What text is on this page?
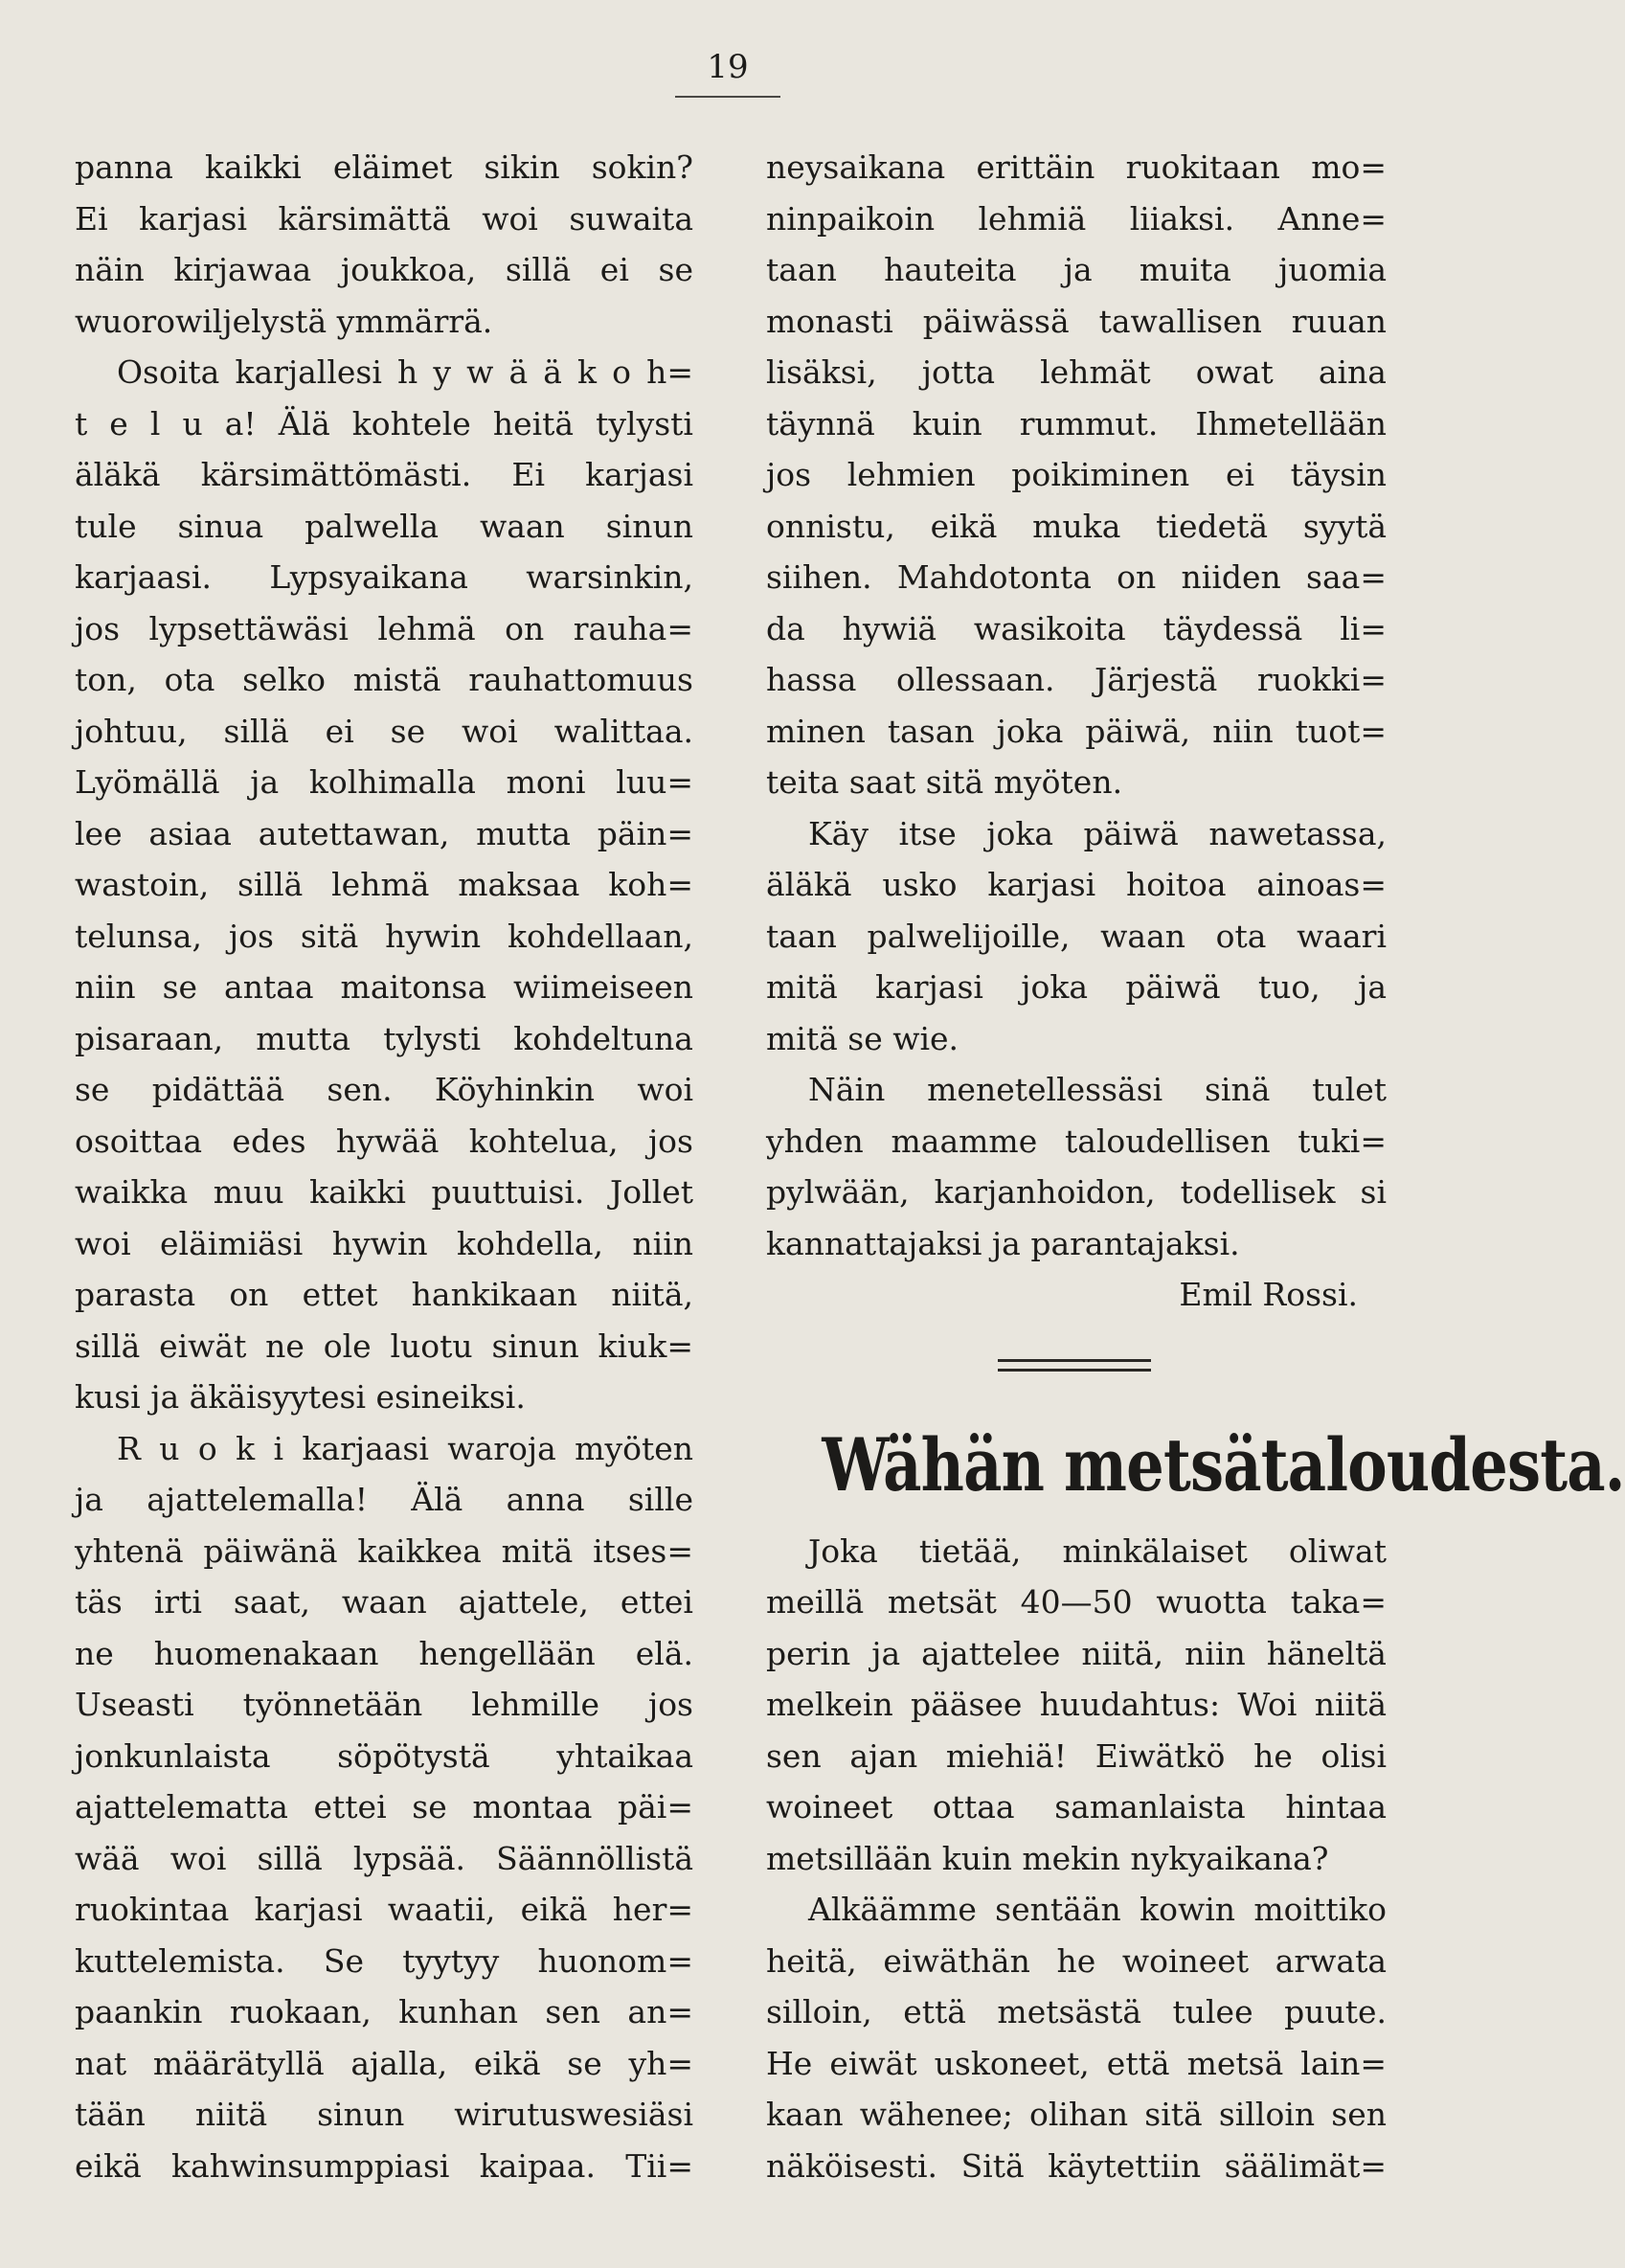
19
panna kaikki eläimet sikin sokin?
Ei karjasi kärsimättä woi suwaita
näin kirjawaa joukkoa, sillä ei se
wuorowiljelystä ymmärrä.
Osoita karjallesi h y w ä ä k o h=
t e l u a! Älä kohtele heitä tylysti
äläkä kärsimättömästi. Ei karjasi
tule sinua palwella waan sinun
karjaasi. Lypsyaikana warsinkin,
jos lypsettäwäsi lehmä on rauha=
ton, ota selko mistä rauhattomuus
johtuu, sillä ei se woi walittaa.
Lyömällä ja kolhimalla moni luu=
lee asiaa autettawan, mutta päin=
wastoin, sillä lehmä maksaa koh=
telunsa, jos sitä hywin kohdellaan,
niin se antaa maitonsa wiimeiseen
pisaraan, mutta tylysti kohdeltuna
se pidättää sen. Köyhinkin woi
osoittaa edes hywää kohtelua, jos
waikka muu kaikki puuttuisi. Jollet
woi eläimiäsi hywin kohdella, niin
parasta on ettet hankikaan niitä,
sillä eiwät ne ole luotu sinun kiuk=
kusi ja äkäisyytesi esineiksi.
R u o k i karjaasi waroja myöten
ja ajattelemalla! Älä anna sille
yhtenä päiwänä kaikkea mitä itses=
täs irti saat, waan ajattele, ettei
ne huomenakaan hengellään elä.
Useasti työnnetään lehmille jos
jonkunlaista söpötystä yhtaikaa
ajattelematta ettei se montaa päi=
wää woi sillä lypsää. Säännöllistä
ruokintaa karjasi waatii, eikä her=
kuttelemista. Se tyytyy huonom=
paankin ruokaan, kunhan sen an=
nat määrätyllä ajalla, eikä se yh=
tään niitä sinun wirutuswesiäsi
eikä kahwinsumppiasi kaipaa. Tii=
neysaikana erittäin ruokitaan mo=
ninpaikoin lehmiä liiaksi. Anne=
taan hauteita ja muita juomia
monasti päiwässä tawallisen ruuan
lisäksi, jotta lehmät owat aina
täynnä kuin rummut. Ihmetellään
jos lehmien poikiminen ei täysin
onnistu, eikä muka tiedetä syytä
siihen. Mahdotonta on niiden saa=
da hywiä wasikoita täydessä li=
hassa ollessaan. Järjestä ruokki=
minen tasan joka päiwä, niin tuot=
teita saat sitä myöten.
Käy itse joka päiwä nawetassa,
äläkä usko karjasi hoitoa ainoas=
taan palwelijoille, waan ota waari
mitä karjasi joka päiwä tuo, ja
mitä se wie.
Näin menetellessäsi sinä tulet
yhden maamme taloudellisen tuki=
pylwään, karjanhoidon, todellisek si
kannattajaksi ja parantajaksi.
Emil Rossi.
Wähän metsätaloudesta.
Joka tietää, minkälaiset oliwat
meillä metsät 40—50 wuotta taka=
perin ja ajattelee niitä, niin häneltä
melkein pääsee huudahtus: Woi niitä
sen ajan miehiä! Eiwätkö he olisi
woineet ottaa samanlaista hintaa
metsillään kuin mekin nykyaikana?
Alkäämme sentään kowin moittiko
heitä, eiwäthän he woineet arwata
silloin, että metsästä tulee puute.
He eiwät uskoneet, että metsä lain=
kaan wähenee; olihan sitä silloin sen
näköisesti. Sitä käytettiin säälimät=
